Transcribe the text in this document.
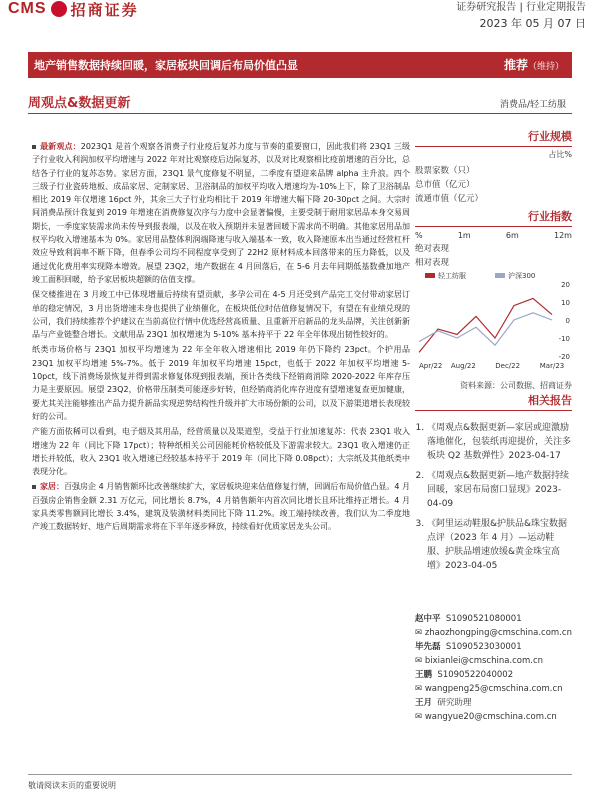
CMS 招商证券	证券研究报告 | 行业定期报告
2023 年 05 月 07 日
地产销售数据持续回暖，家居板块回调后布局价值凸显	推荐（维持）
周观点&数据更新	消费品/轻工纺服

最新观点：2023Q1 是首个观察各消费子行业疫后复苏力度与节奏的重要窗口，因此我们将 23Q1 三级子行业收入利润加权平均增速与 2022 年对比观察疫后边际复苏，以及对比观察相比疫前增速的百分比，总结各子行业的复苏态势。家居方面，23Q1 景气度修复不明显，二季度有望迎来品牌 alpha 主升浪。四个三级子行业瓷砖地板、成品家居、定制家居、卫浴制品的加权平均收入增速均为-10%上下，除了卫浴制品相比 2019 年仅增速 16pct 外，其余三大子行业均相比于 2019 年增速大幅下降 20-30pct 之间。大宗时间消费品预计我复到 2019 年增速在消费修复次序与力度中会显著偏慢，主要受制于耐用家居品本身交易周期长，一季度家装需求尚未传导到报表端，以及在收入预期并未显著回暖下需求尚不明确。其他家居用品加权平均收入增速基本为 0%。家居用品整体利润端降速与收入端基本一致，收入降速原本出当通过经营杠杆效应导致利润率不断下降，但春季公司均不同程度享受到了 22H2 原材料成本回落带来的压力降低，以及通过优化费用率实现降本增效。展望 23Q2，地产数据在 4 月回落后，在 5-6 月去年同期低基数叠加地产竣工面积回暖，给予家居板块超额的估值支撑。

保交楼推进在 3 月竣工中已体现增量后持续有望贡献，多孕公司在 4-5 月还受到产品完工交付带动家居订单的稳定情况，3 月出货增速未身也提供了业绩催化，在板块低位时估值修复情况下，有望在有业绩兑现的公司，我们持续推荐个护建议在当前高位行情中优选经营高质量、且重新开启新品的龙头品牌，关注创新新品与产业链整合增长。文献用品 23Q1 加权增速为 5-10% 基本持平于 22 年全年体现出韧性较好的。

纸类市场价格与 23Q1 加权平均增速为 22 年全年收入增速相比 2019 年仍下降约 23pct。个护用品 23Q1 加权平均增速 5%-7%。低于 2019 年加权平均增速 15pct，也低于 2022 年加权平均增速 5-10pct，线下消费场景恢复并得到需求修复体现到报表端，预计各类线下经销商消除 2020-2022 年库存压力是主要原因。展望 23Q2，价格带压制类可能逐步好转，但经销商消化库存进度有望增速复查更加健康，要尤其关注能够推出产品力提升新品实现逆势结构性升级并扩大市场份额的公司，以及下游渠道增长表现较好的公司。

产能方面依稀可以看到，电子烟及其用品，经营质量以及渠道型，受益于行业加速复苏：代表 23Q1 收入增速为 22 年（同比下降 17pct）；特种纸相关公司因能耗价格较低及下游需求较大。23Q1 收入增速仍正增长并较低，收入 23Q1 收入增速已经较基本持平于 2019 年（同比下降 0.08pct）；大宗纸及其他纸类中表现分化。

家居：百强房企 4 月销售额环比改善继续扩大，家居板块迎来估值修复行情，回调后布局价值凸显。4 月百强房企销售金额 2.31 万亿元，同比增长 8.7%，4 月销售额年内首次同比增长且环比维持正增长。4 月家具类零售额同比增长 3.4%，建筑及装潢材料类同比下降 11.2%。竣工端持续改善，我们认为二季度地产竣工数据转好、地产后周期需求将在下半年逐步释放，持续看好优质家居龙头公司。

行业规模
占比%
股票家数（只）
总市值（亿元）
流通市值（亿元）
行业指数
%	1m	6m	12m
绝对表现
相对表现
轻工纺服	沪深300
20
10
0
-10
-20
Apr/22 Aug/22	Dec/22	Mar/23
资料来源：公司数据、招商证券
相关报告
1. 《周观点&数据更新—家居或迎激励落地催化，包装纸再迎提价，关注多板块 Q2 基数弹性》2023-04-17
2. 《周观点&数据更新—地产数据持续回暖，家居布局窗口显现》2023-04-09
3. 《阿里运动鞋服&护肤品&珠宝数据点评（2023 年 4 月）—运动鞋服、护肤品增速放缓&黄金珠宝高增》2023-04-05
赵中平 S1090521080001
✉ zhaozhongping@cmschina.com.cn
毕先磊 S1090523030001
✉ bixianlei@cmschina.com.cn
王鹏 S1090522040002
✉ wangpeng25@cmschina.com.cn
王月 研究助理
✉ wangyue20@cmschina.com.cn
敬请阅读末页的重要说明
